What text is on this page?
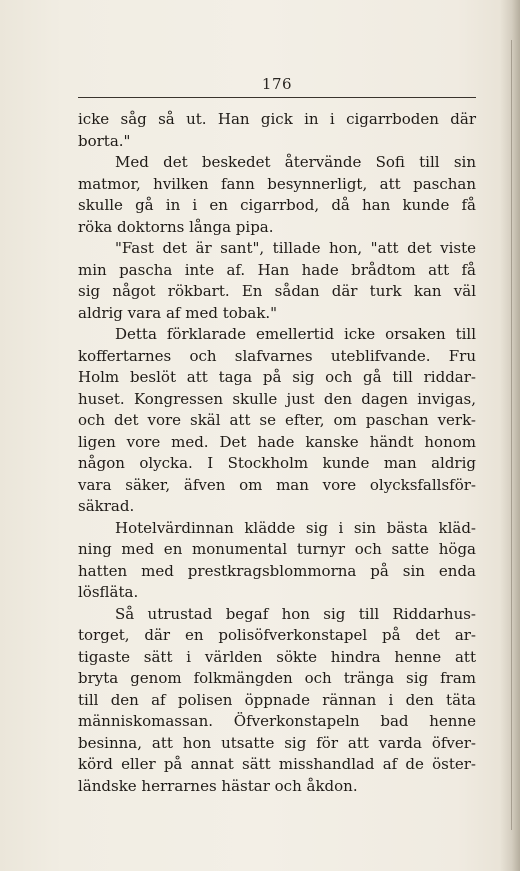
176
icke såg så ut. Han gick in i cigarrboden där
borta."
Med det beskedet återvände Sofi till sin
matmor, hvilken fann besynnerligt, att paschan
skulle gå in i en cigarrbod, då han kunde få
röka doktorns långa pipa.
"Fast det är sant", tillade hon, "att det viste
min pascha inte af. Han hade brådtom att få
sig något rökbart. En sådan där turk kan väl
aldrig vara af med tobak."
Detta förklarade emellertid icke orsaken till
koffertarnes och slafvarnes uteblifvande. Fru
Holm beslöt att taga på sig och gå till riddar-
huset. Kongressen skulle just den dagen invigas,
och det vore skäl att se efter, om paschan verk-
ligen vore med. Det hade kanske händt honom
någon olycka. I Stockholm kunde man aldrig
vara säker, äfven om man vore olycksfallsför-
säkrad.
Hotelvärdinnan klädde sig i sin bästa kläd-
ning med en monumental turnyr och satte höga
hatten med prestkragsblommorna på sin enda
lösfläta.
Så utrustad begaf hon sig till Riddarhus-
torget, där en polisöfverkonstapel på det ar-
tigaste sätt i världen sökte hindra henne att
bryta genom folkmängden och tränga sig fram
till den af polisen öppnade rännan i den täta
människomassan. Öfverkonstapeln bad henne
besinna, att hon utsatte sig för att varda öfver-
körd eller på annat sätt misshandlad af de öster-
ländske herrarnes hästar och åkdon.
